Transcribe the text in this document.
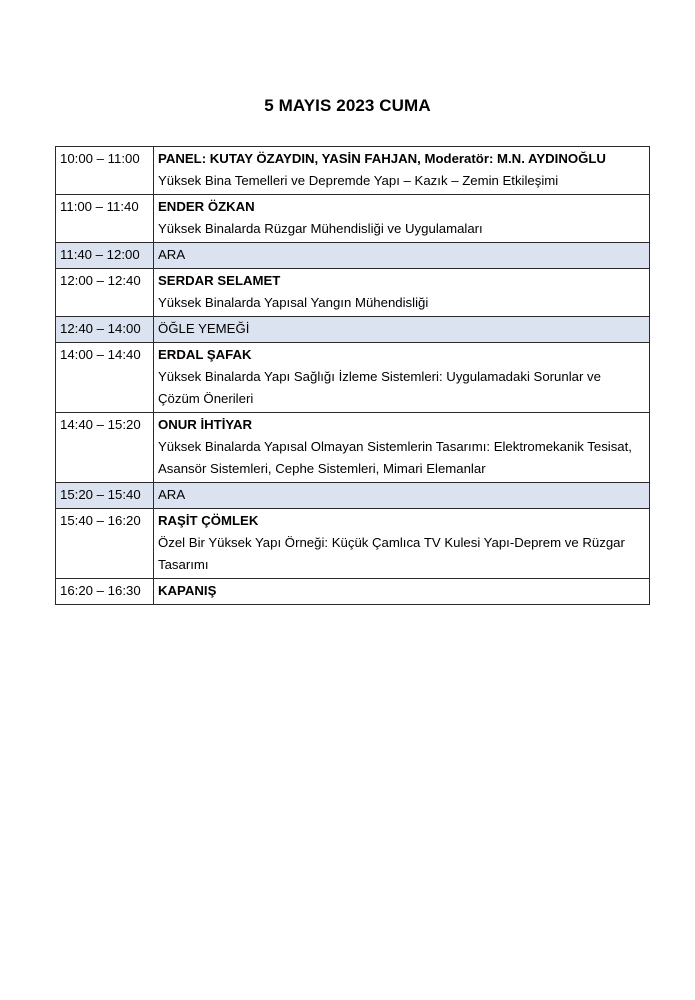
5 MAYIS 2023 CUMA
10:00 – 11:00	PANEL: KUTAY ÖZAYDIN, YASİN FAHJAN, Moderatör: M.N. AYDINOĞLU
Yüksek Bina Temelleri ve Depremde Yapı – Kazık – Zemin Etkileşimi

11:00 – 11:40	ENDER ÖZKAN
Yüksek Binalarda Rüzgar Mühendisliği ve Uygulamaları

11:40 – 12:00	ARA

12:00 – 12:40	SERDAR SELAMET
Yüksek Binalarda Yapısal Yangın Mühendisliği

12:40 – 14:00	ÖĞLE YEMEĞİ

14:00 – 14:40	ERDAL ŞAFAK
Yüksek Binalarda Yapı Sağlığı İzleme Sistemleri: Uygulamadaki Sorunlar ve Çözüm Önerileri

14:40 – 15:20	ONUR İHTİYAR
Yüksek Binalarda Yapısal Olmayan Sistemlerin Tasarımı: Elektromekanik Tesisat, Asansör Sistemleri, Cephe Sistemleri, Mimari Elemanlar

15:20 – 15:40	ARA

15:40 – 16:20	RAŞİT ÇÖMLEK
Özel Bir Yüksek Yapı Örneği: Küçük Çamlıca TV Kulesi Yapı-Deprem ve Rüzgar Tasarımı

16:20 – 16:30	KAPANIŞ
